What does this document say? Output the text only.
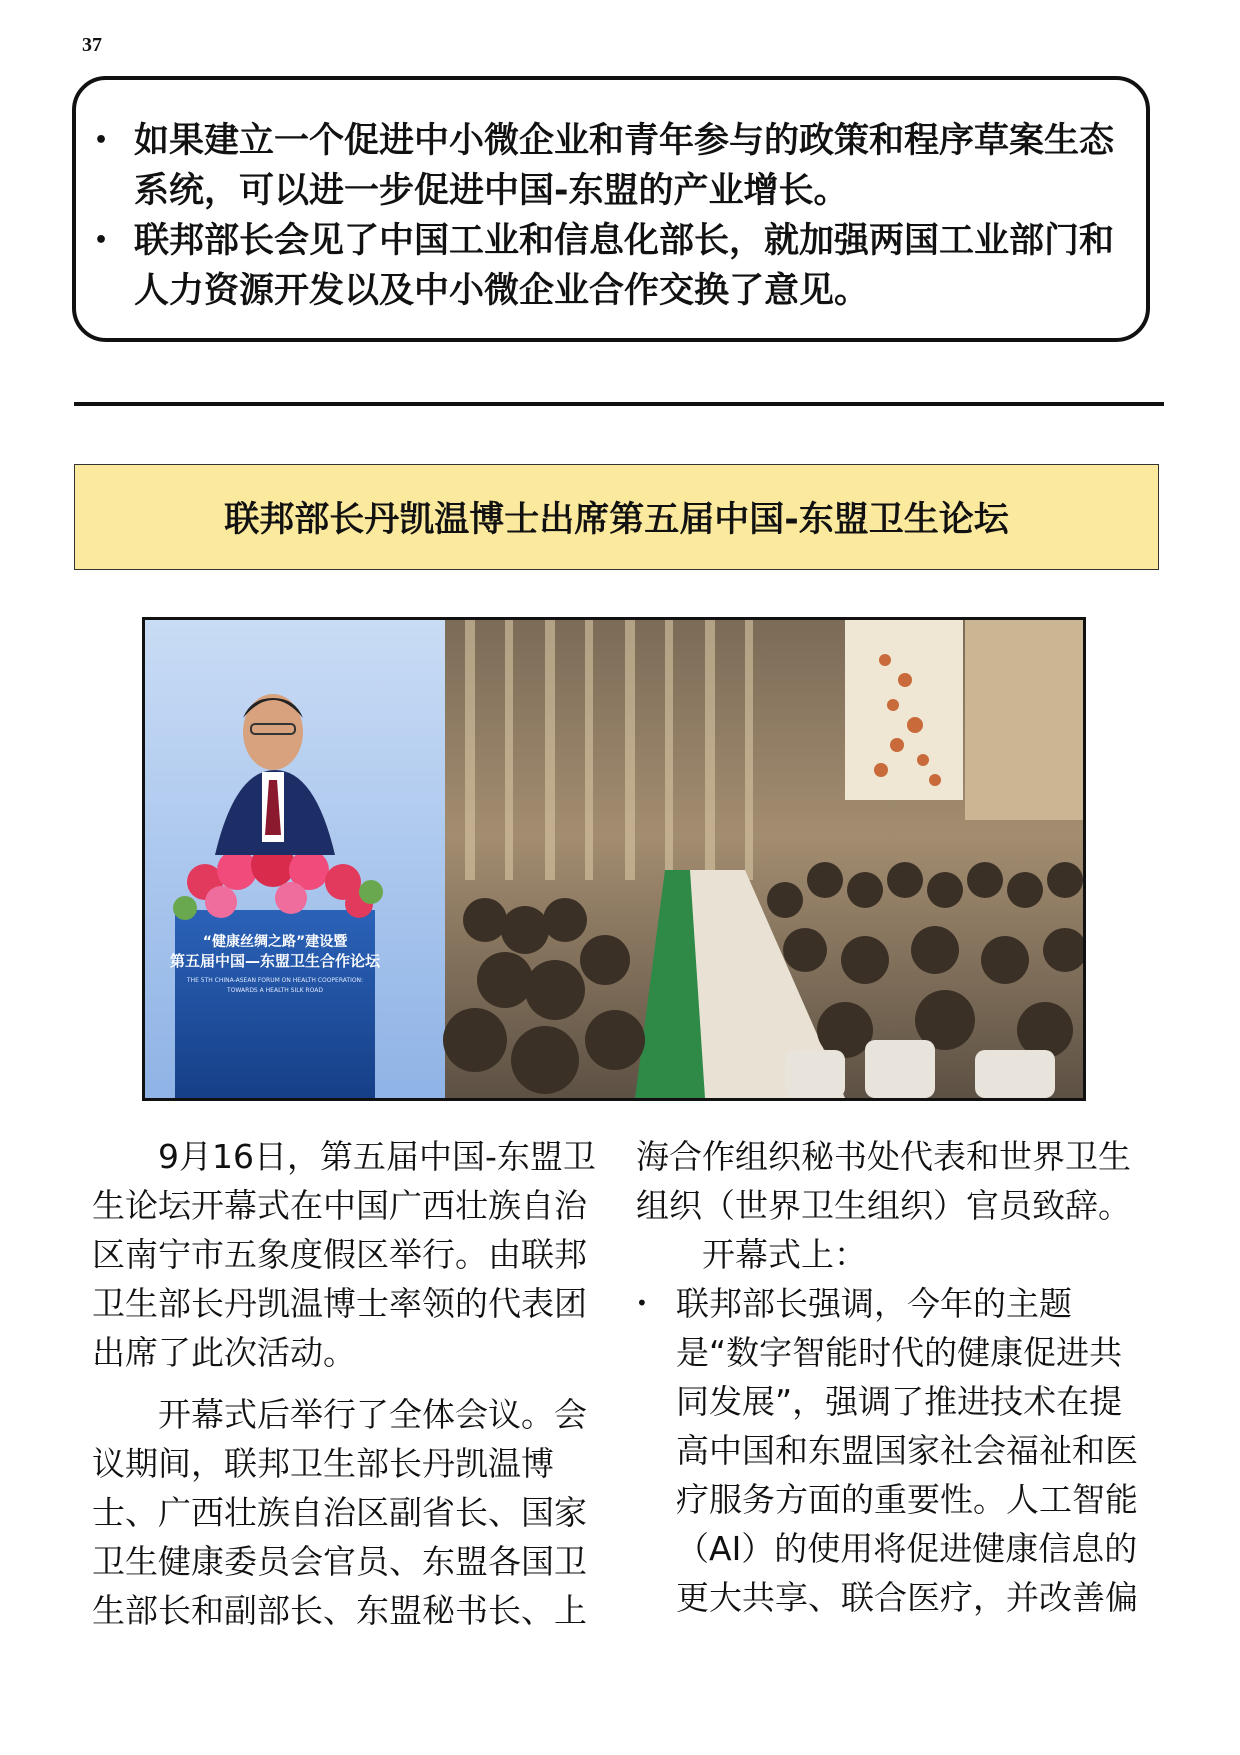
37
• 如果建立一个促进中小微企业和青年参与的政策和程序草案生态系统，可以进一步促进中国-东盟的产业增长。
• 联邦部长会见了中国工业和信息化部长，就加强两国工业部门和人力资源开发以及中小微企业合作交换了意见。
联邦部长丹凯温博士出席第五届中国-东盟卫生论坛
“健康丝绸之路”建设暨
第五届中国—东盟卫生合作论坛
THE 5TH CHINA-ASEAN FORUM ON HEALTH COOPERATION:
TOWARDS A HEALTH SILK ROAD

9月16日，第五届中国-东盟卫生论坛开幕式在中国广西壮族自治区南宁市五象度假区举行。由联邦卫生部长丹凯温博士率领的代表团出席了此次活动。

开幕式后举行了全体会议。会议期间，联邦卫生部长丹凯温博士、广西壮族自治区副省长、国家卫生健康委员会官员、东盟各国卫生部长和副部长、东盟秘书长、上

海合作组织秘书处代表和世界卫生组织（世界卫生组织）官员致辞。

开幕式上：

• 联邦部长强调，今年的主题是“数字智能时代的健康促进共同发展”，强调了推进技术在提高中国和东盟国家社会福祉和医疗服务方面的重要性。人工智能（AI）的使用将促进健康信息的更大共享、联合医疗，并改善偏
